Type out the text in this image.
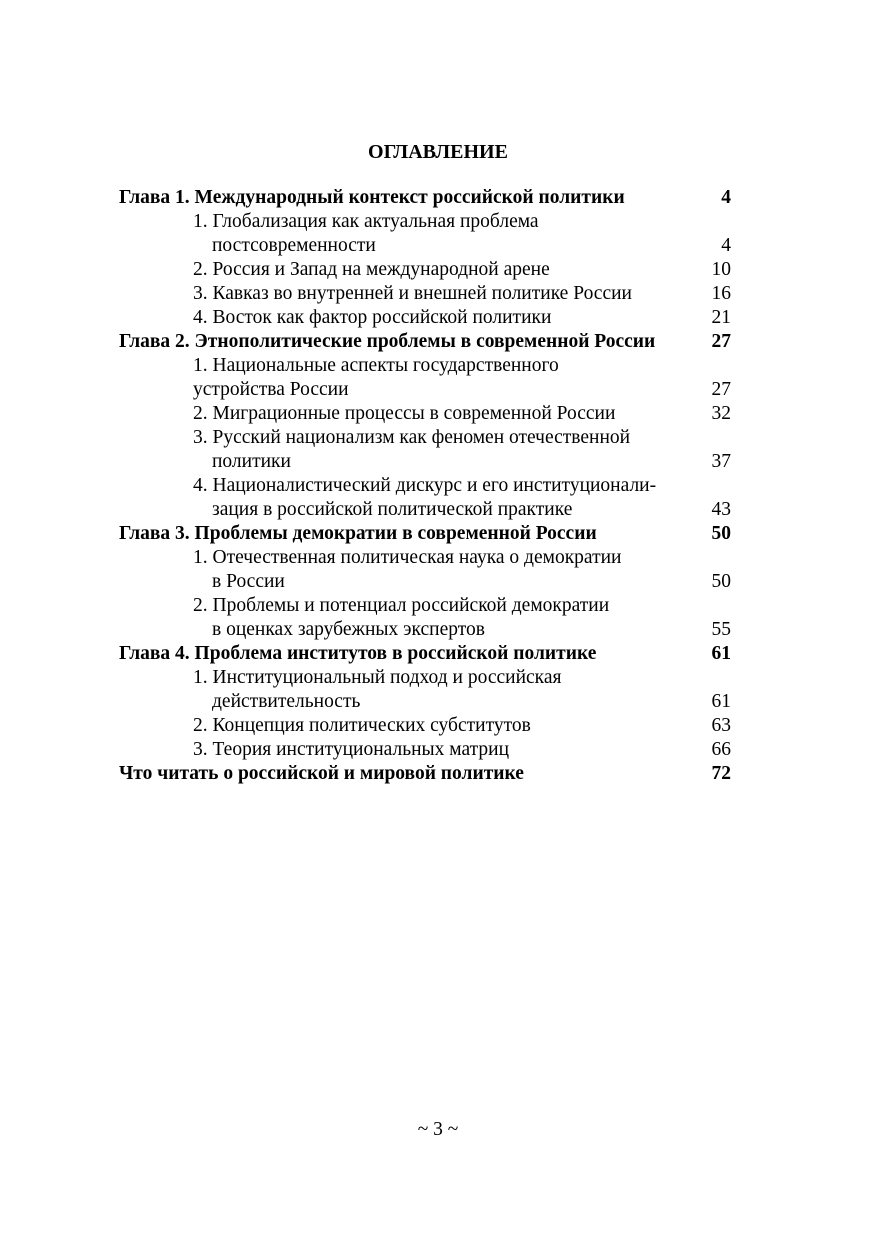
ОГЛАВЛЕНИЕ
Глава 1. Международный контекст российской политики	4
1. Глобализация как актуальная проблема
постсовременности	4
2. Россия и Запад на международной арене	10
3. Кавказ во внутренней и внешней политике России	16
4. Восток как фактор российской политики	21
Глава 2. Этнополитические проблемы в современной России	27
1. Национальные аспекты государственного
устройства России	27
2. Миграционные процессы в современной России	32
3. Русский национализм как феномен отечественной
политики	37
4. Националистический дискурс и его институционали-
зация в российской политической практике	43
Глава 3. Проблемы демократии в современной России	50
1. Отечественная политическая наука о демократии
в России	50
2. Проблемы и потенциал российской демократии
в оценках зарубежных экспертов	55
Глава 4. Проблема институтов в российской политике	61
1. Институциональный подход и российская
действительность	61
2. Концепция политических субститутов	63
3. Теория институциональных матриц	66
Что читать о российской и мировой политике	72
~ 3 ~
